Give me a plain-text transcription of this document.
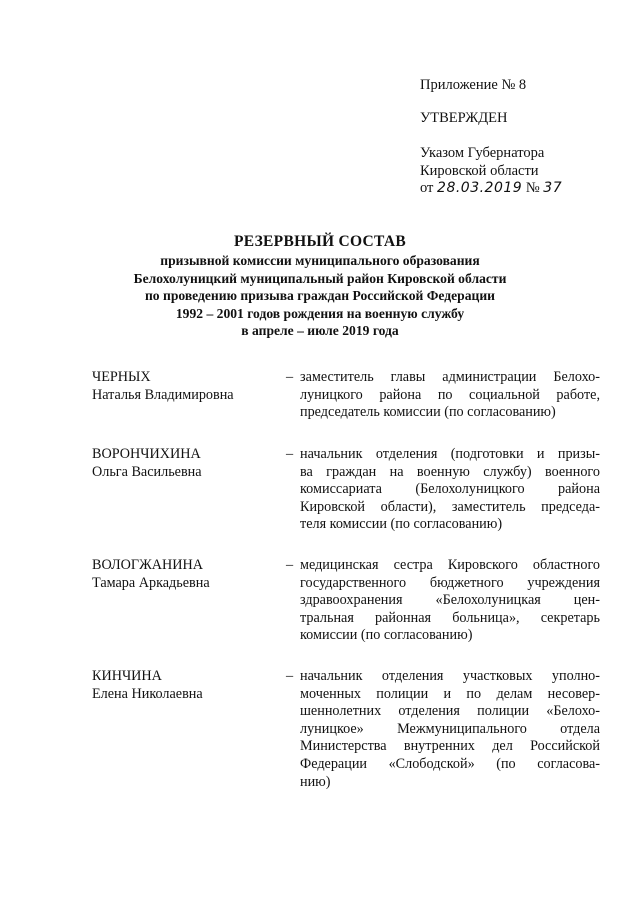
Приложение № 8
УТВЕРЖДЕН
Указом Губернатора
Кировской области
от 28.03.2019 № 37
РЕЗЕРВНЫЙ СОСТАВ
призывной комиссии муниципального образования
Белохолуницкий муниципальный район Кировской области
по проведению призыва граждан Российской Федерации
1992 – 2001 годов рождения на военную службу
в апреле – июле 2019 года
ЧЕРНЫХ
Наталья Владимировна
– заместитель главы администрации Белохо-
луницкого района по социальной работе,
председатель комиссии (по согласованию)
ВОРОНЧИХИНА
Ольга Васильевна
– начальник отделения (подготовки и призы-
ва граждан на военную службу) военного
комиссариата (Белохолуницкого района
Кировской области), заместитель председа-
теля комиссии (по согласованию)
ВОЛОГЖАНИНА
Тамара Аркадьевна
– медицинская сестра Кировского областного
государственного бюджетного учреждения
здравоохранения «Белохолуницкая цен-
тральная районная больница», секретарь
комиссии (по согласованию)
КИНЧИНА
Елена Николаевна
– начальник отделения участковых уполно-
моченных полиции и по делам несовер-
шеннолетних отделения полиции «Белохо-
луницкое» Межмуниципального отдела
Министерства внутренних дел Российской
Федерации «Слободской» (по согласова-
нию)
